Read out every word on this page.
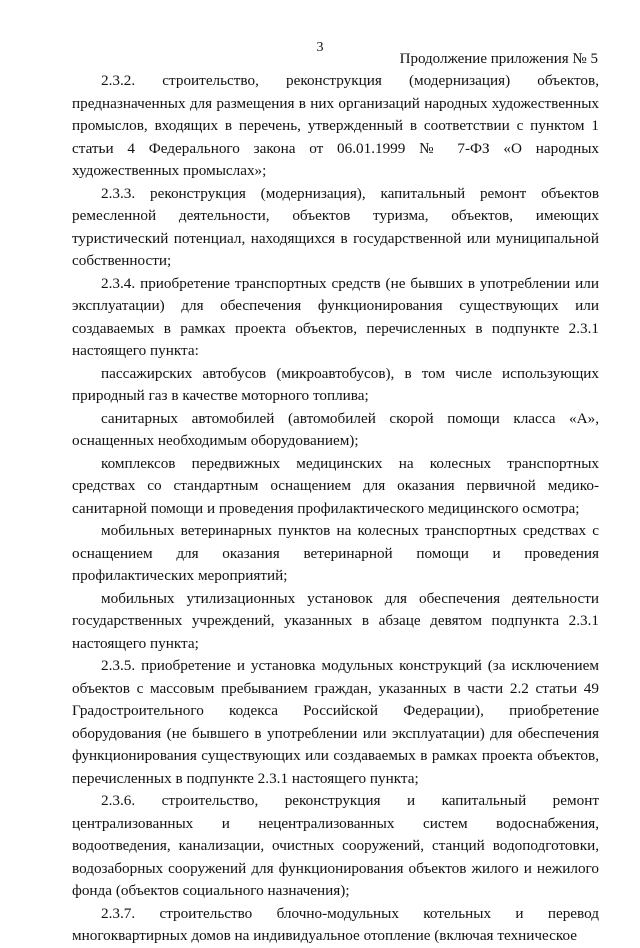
3
Продолжение приложения № 5

2.3.2. строительство, реконструкция (модернизация) объектов, предназначенных для размещения в них организаций народных художественных промыслов, входящих в перечень, утвержденный в соответствии с пунктом 1 статьи 4 Федерального закона от 06.01.1999 № 7-ФЗ «О народных художественных промыслах»;

2.3.3. реконструкция (модернизация), капитальный ремонт объектов ремесленной деятельности, объектов туризма, объектов, имеющих туристический потенциал, находящихся в государственной или муниципальной собственности;

2.3.4. приобретение транспортных средств (не бывших в употреблении или эксплуатации) для обеспечения функционирования существующих или создаваемых в рамках проекта объектов, перечисленных в подпункте 2.3.1 настоящего пункта:

пассажирских автобусов (микроавтобусов), в том числе использующих природный газ в качестве моторного топлива;

санитарных автомобилей (автомобилей скорой помощи класса «А», оснащенных необходимым оборудованием);

комплексов передвижных медицинских на колесных транспортных средствах со стандартным оснащением для оказания первичной медико-санитарной помощи и проведения профилактического медицинского осмотра;

мобильных ветеринарных пунктов на колесных транспортных средствах с оснащением для оказания ветеринарной помощи и проведения профилактических мероприятий;

мобильных утилизационных установок для обеспечения деятельности государственных учреждений, указанных в абзаце девятом подпункта 2.3.1 настоящего пункта;

2.3.5. приобретение и установка модульных конструкций (за исключением объектов с массовым пребыванием граждан, указанных в части 2.2 статьи 49 Градостроительного кодекса Российской Федерации), приобретение оборудования (не бывшего в употреблении или эксплуатации) для обеспечения функционирования существующих или создаваемых в рамках проекта объектов, перечисленных в подпункте 2.3.1 настоящего пункта;

2.3.6. строительство, реконструкция и капитальный ремонт централизованных и нецентрализованных систем водоснабжения, водоотведения, канализации, очистных сооружений, станций водоподготовки, водозаборных сооружений для функционирования объектов жилого и нежилого фонда (объектов социального назначения);

2.3.7. строительство блочно-модульных котельных и перевод многоквартирных домов на индивидуальное отопление (включая техническое
